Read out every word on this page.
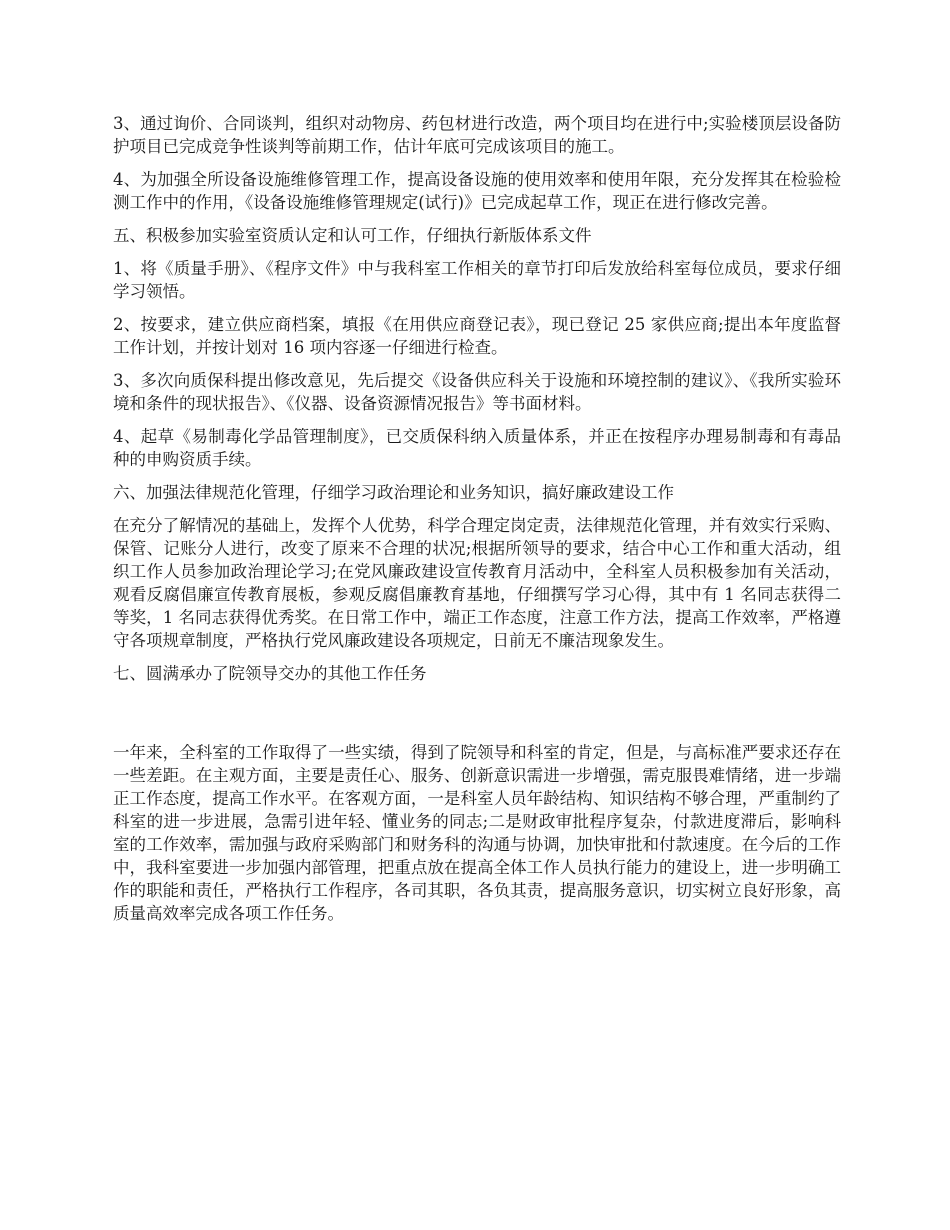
3、通过询价、合同谈判，组织对动物房、药包材进行改造，两个项目均在进行中;实验楼顶层设备防护项目已完成竞争性谈判等前期工作，估计年底可完成该项目的施工。

4、为加强全所设备设施维修管理工作，提高设备设施的使用效率和使用年限，充分发挥其在检验检测工作中的作用，《设备设施维修管理规定(试行)》已完成起草工作，现正在进行修改完善。

五、积极参加实验室资质认定和认可工作，仔细执行新版体系文件

1、将《质量手册》、《程序文件》中与我科室工作相关的章节打印后发放给科室每位成员，要求仔细学习领悟。

2、按要求，建立供应商档案，填报《在用供应商登记表》，现已登记 25 家供应商;提出本年度监督工作计划，并按计划对 16 项内容逐一仔细进行检查。

3、多次向质保科提出修改意见，先后提交《设备供应科关于设施和环境控制的建议》、《我所实验环境和条件的现状报告》、《仪器、设备资源情况报告》等书面材料。

4、起草《易制毒化学品管理制度》，已交质保科纳入质量体系，并正在按程序办理易制毒和有毒品种的申购资质手续。

六、加强法律规范化管理，仔细学习政治理论和业务知识，搞好廉政建设工作

在充分了解情况的基础上，发挥个人优势，科学合理定岗定责，法律规范化管理，并有效实行采购、保管、记账分人进行，改变了原来不合理的状况;根据所领导的要求，结合中心工作和重大活动，组织工作人员参加政治理论学习;在党风廉政建设宣传教育月活动中，全科室人员积极参加有关活动，观看反腐倡廉宣传教育展板，参观反腐倡廉教育基地，仔细撰写学习心得，其中有 1 名同志获得二等奖，1 名同志获得优秀奖。在日常工作中，端正工作态度，注意工作方法，提高工作效率，严格遵守各项规章制度，严格执行党风廉政建设各项规定，日前无不廉洁现象发生。

七、圆满承办了院领导交办的其他工作任务

一年来，全科室的工作取得了一些实绩，得到了院领导和科室的肯定，但是，与高标准严要求还存在一些差距。在主观方面，主要是责任心、服务、创新意识需进一步增强，需克服畏难情绪，进一步端正工作态度，提高工作水平。在客观方面，一是科室人员年龄结构、知识结构不够合理，严重制约了科室的进一步进展，急需引进年轻、懂业务的同志;二是财政审批程序复杂，付款进度滞后，影响科室的工作效率，需加强与政府采购部门和财务科的沟通与协调，加快审批和付款速度。在今后的工作中，我科室要进一步加强内部管理，把重点放在提高全体工作人员执行能力的建设上，进一步明确工作的职能和责任，严格执行工作程序，各司其职，各负其责，提高服务意识，切实树立良好形象，高质量高效率完成各项工作任务。
